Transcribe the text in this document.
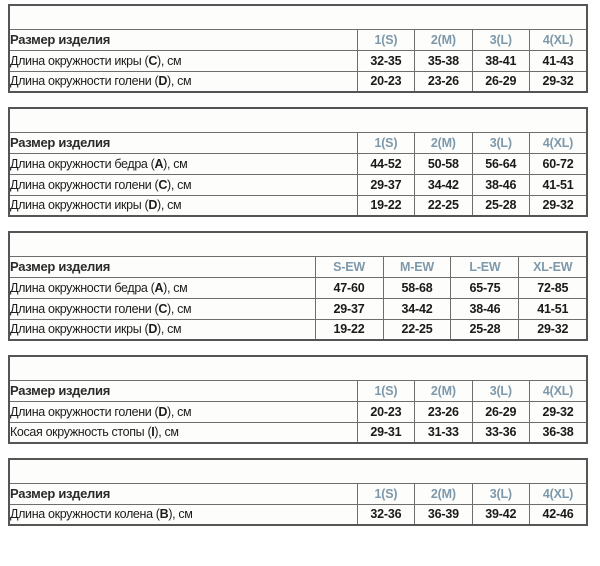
Размер изделия	1(S)	2(M)	3(L)	4(XL)
Длина окружности икры (C), см	32-35	35-38	38-41	41-43
Длина окружности голени (D), см	20-23	23-26	26-29	29-32

Размер изделия	1(S)	2(M)	3(L)	4(XL)
Длина окружности бедра (A), см	44-52	50-58	56-64	60-72
Длина окружности голени (C), см	29-37	34-42	38-46	41-51
Длина окружности икры (D), см	19-22	22-25	25-28	29-32

Размер изделия	S-EW	M-EW	L-EW	XL-EW
Длина окружности бедра (A), см	47-60	58-68	65-75	72-85
Длина окружности голени (C), см	29-37	34-42	38-46	41-51
Длина окружности икры (D), см	19-22	22-25	25-28	29-32

Размер изделия	1(S)	2(M)	3(L)	4(XL)
Длина окружности голени (D), см	20-23	23-26	26-29	29-32
Косая окружность стопы (I), см	29-31	31-33	33-36	36-38

Размер изделия	1(S)	2(M)	3(L)	4(XL)
Длина окружности колена (B), см	32-36	36-39	39-42	42-46
